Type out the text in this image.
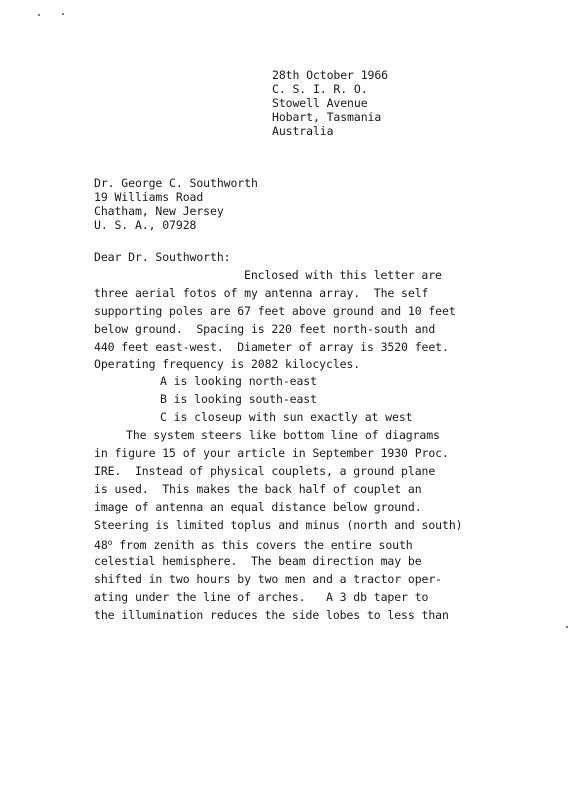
28th October 1966
C. S. I. R. O.
Stowell Avenue
Hobart, Tasmania
Australia
Dr. George C. Southworth
19 Williams Road
Chatham, New Jersey
U. S. A., 07928
Dear Dr. Southworth:
Enclosed with this letter are
three aerial fotos of my antenna array.  The self
supporting poles are 67 feet above ground and 10 feet
below ground.  Spacing is 220 feet north-south and
440 feet east-west.  Diameter of array is 3520 feet.
Operating frequency is 2082 kilocycles.
A is looking north-east
B is looking south-east
C is closeup with sun exactly at west
The system steers like bottom line of diagrams
in figure 15 of your article in September 1930 Proc.
IRE.  Instead of physical couplets, a ground plane
is used.  This makes the back half of couplet an
image of antenna an equal distance below ground.
Steering is limited toplus and minus (north and south)
48$^o$ from zenith as this covers the entire south
celestial hemisphere.  The beam direction may be
shifted in two hours by two men and a tractor oper-
ating under the line of arches.   A 3 db taper to
the illumination reduces the side lobes to less than
